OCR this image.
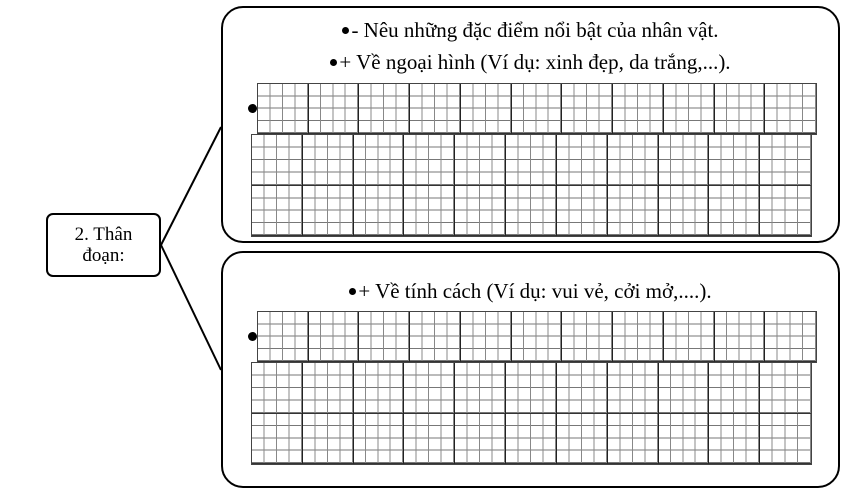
2. Thân
đoạn:
- Nêu những đặc điểm nổi bật của nhân vật.
+ Về ngoại hình (Ví dụ: xinh đẹp, da trắng,...).
+ Về tính cách (Ví dụ: vui vẻ, cởi mở,....).
